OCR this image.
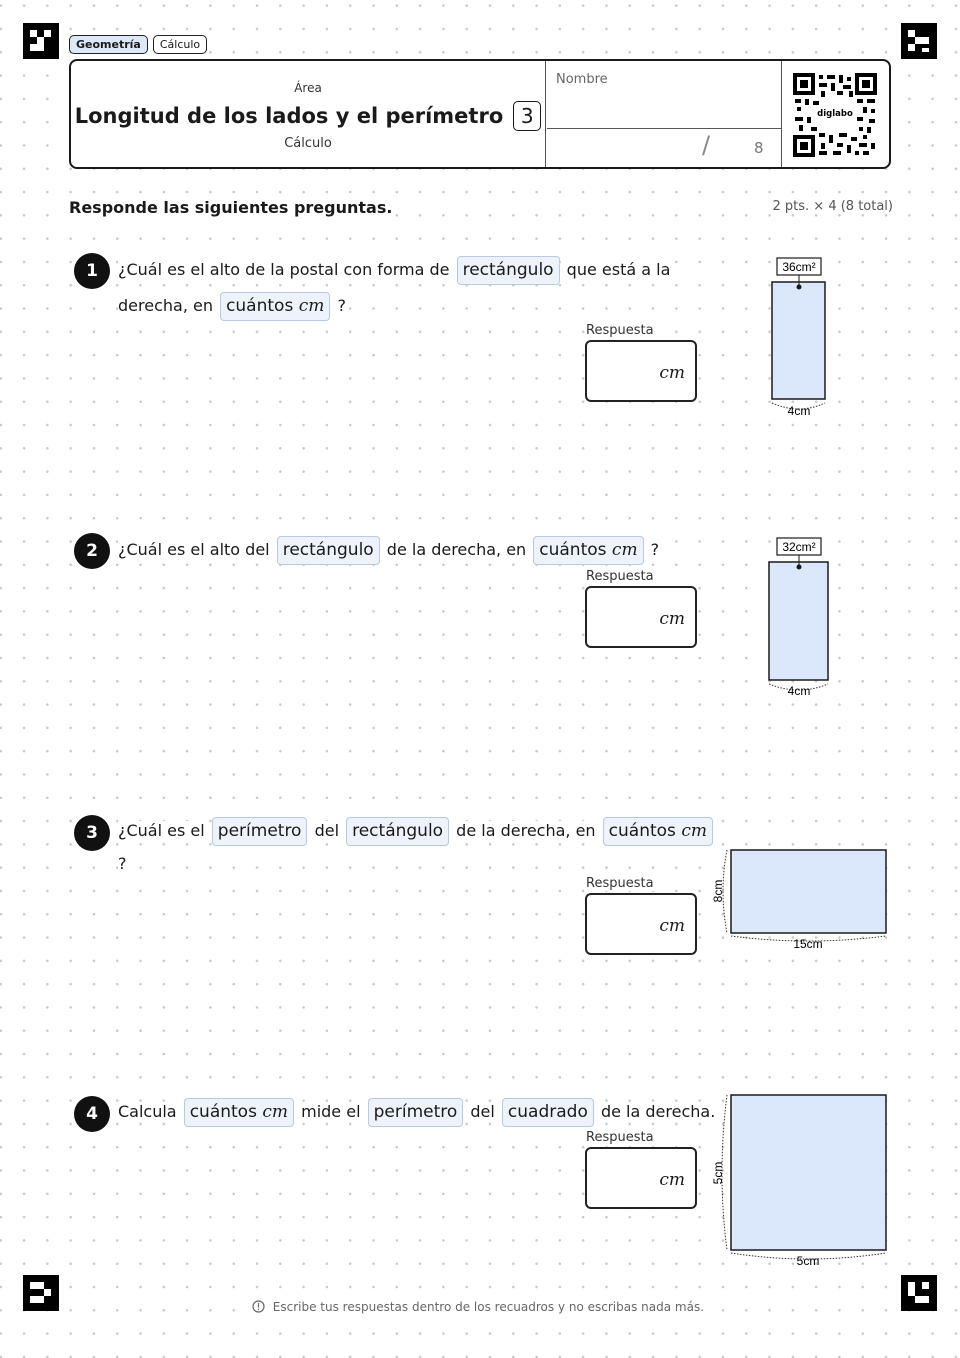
Geometría	Cálculo
Área
Longitud de los lados y el perímetro 3
Cálculo
Nombre
/	8
diglabo
Responde las siguientes preguntas.	2 pts. × 4 (8 total)
1	¿Cuál es el alto de la postal con forma de rectángulo que está a la
derecha, en cuántos cm ?
Respuesta
cm
36cm²
4cm
2	¿Cuál es el alto del rectángulo de la derecha, en cuántos cm ?
Respuesta
cm
32cm²
4cm
3	¿Cuál es el perímetro del rectángulo de la derecha, en cuántos cm
?
Respuesta
cm
8cm
15cm
4	Calcula cuántos cm mide el perímetro del cuadrado de la derecha.
Respuesta
cm 5cm
5cm
Escribe tus respuestas dentro de los recuadros y no escribas nada más.
